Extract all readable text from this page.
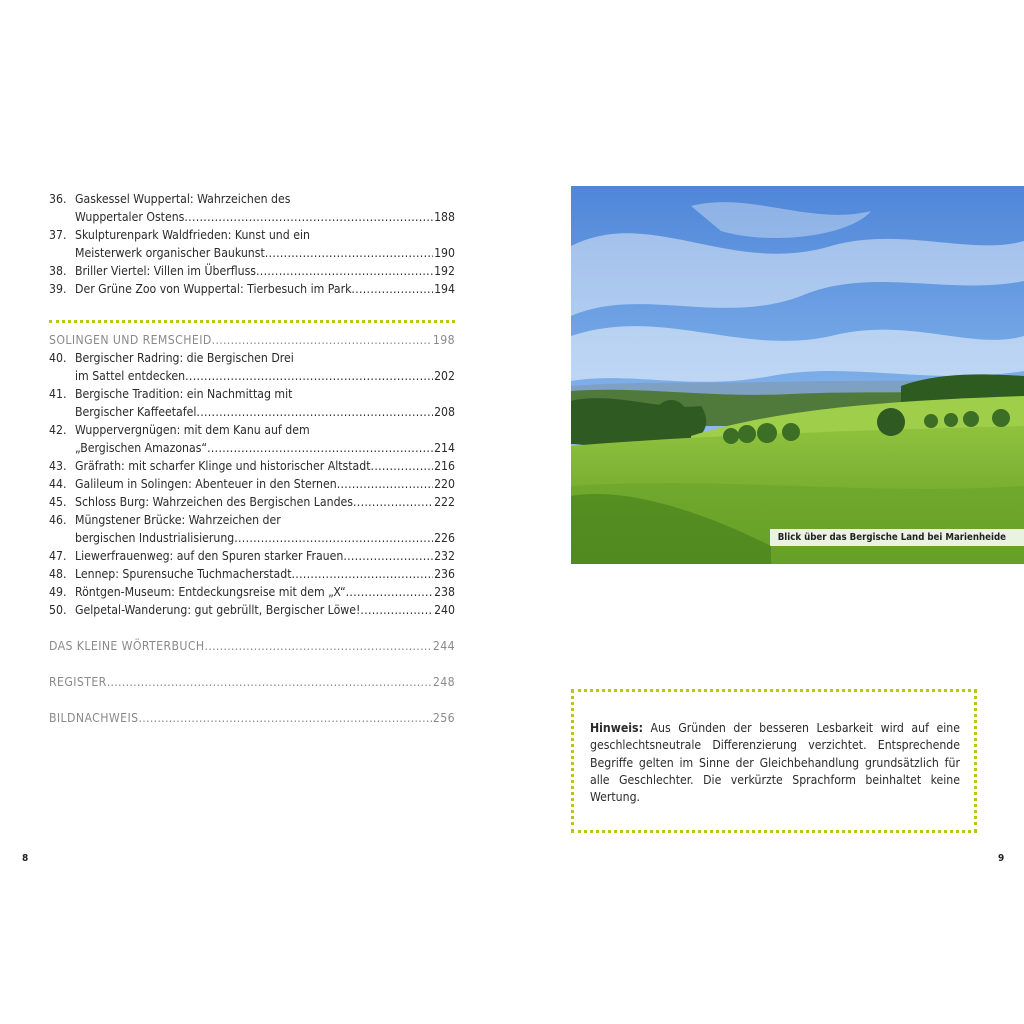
36. Gaskessel Wuppertal: Wahrzeichen des
Wuppertaler Ostens .....	188
37. Skulpturenpark Waldfrieden: Kunst und ein
Meisterwerk organischer Baukunst .....	190
38. Briller Viertel: Villen im Überfluss .....	192
39. Der Grüne Zoo von Wuppertal: Tierbesuch im Park .....	194
SOLINGEN UND REMSCHEID .....	198
40. Bergischer Radring: die Bergischen Drei
im Sattel entdecken .....	202
41. Bergische Tradition: ein Nachmittag mit
Bergischer Kaffeetafel .....	208
42. Wuppervergnügen: mit dem Kanu auf dem
„Bergischen Amazonas“ .....	214
43. Gräfrath: mit scharfer Klinge und historischer Altstadt .....	216
44. Galileum in Solingen: Abenteuer in den Sternen .....	220
45. Schloss Burg: Wahrzeichen des Bergischen Landes .....	222
46. Müngstener Brücke: Wahrzeichen der
bergischen Industrialisierung .....	226
47. Liewerfrauenweg: auf den Spuren starker Frauen .....	232
48. Lennep: Spurensuche Tuchmacherstadt .....	236
49. Röntgen-Museum: Entdeckungsreise mit dem „X“ .....	238
50. Gelpetal-Wanderung: gut gebrüllt, Bergischer Löwe! .....	240
DAS KLEINE WÖRTERBUCH .....	244
REGISTER .....	248
BILDNACHWEIS .....	256
Blick über das Bergische Land bei Marienheide
Hinweis: Aus Gründen der besseren Lesbarkeit wird auf eine geschlechtsneutrale Differenzierung verzichtet. Entsprechende Begriffe gelten im Sinne der Gleichbehandlung grundsätzlich für alle Geschlechter. Die verkürzte Sprachform beinhaltet keine Wertung.
8	9
